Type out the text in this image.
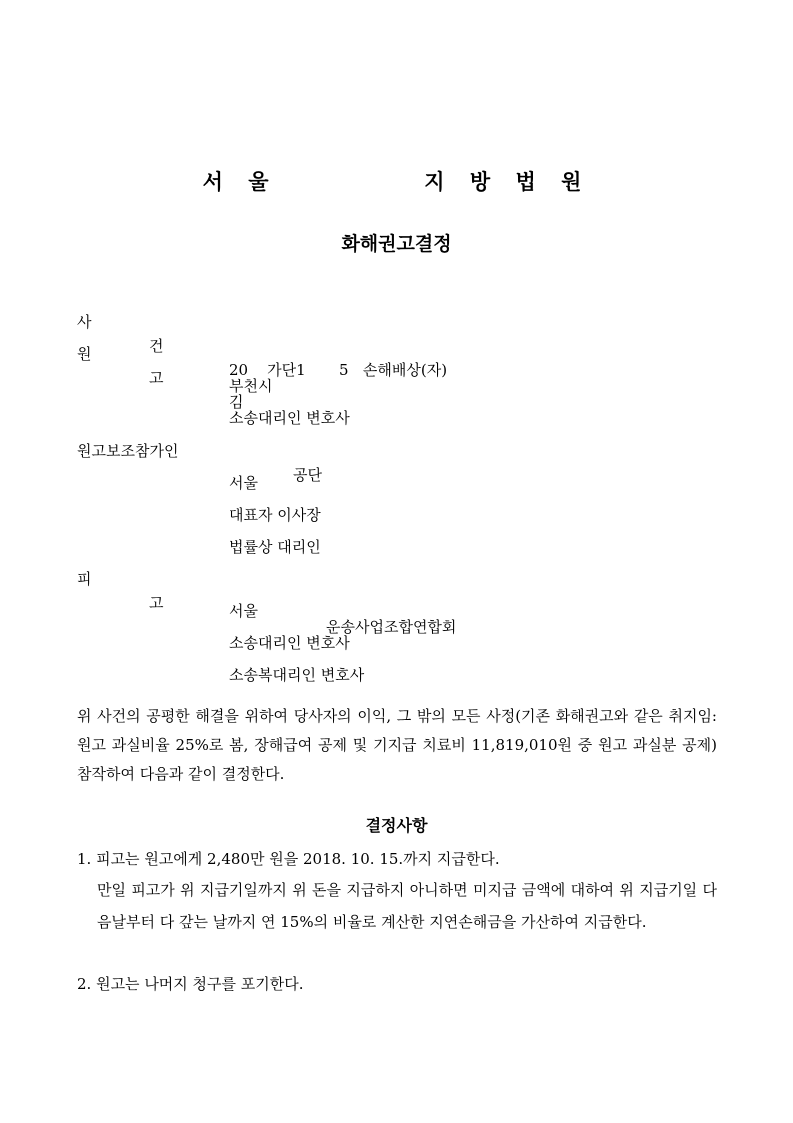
서 울         지 방 법 원
화해권고결정

사

건

20    가단1       5   손해배상(자)

원

고

김

부천시

소송대리인 변호사

원고보조참가인

공단

서울

대표자 이사장

법률상 대리인

피

고

운송사업조합연합회

서울

소송대리인 변호사

소송복대리인 변호사

위 사건의 공평한 해결을 위하여 당사자의 이익, 그 밖의 모든 사정(기존 화해권고와 같은 취지임: 원고 과실비율 25%로 봄, 장해급여 공제 및 기지급 치료비 11,819,010원 중 원고 과실분 공제) 참작하여 다음과 같이 결정한다.
결정사항
1. 피고는 원고에게 2,480만 원을 2018. 10. 15.까지 지급한다.
만일 피고가 위 지급기일까지 위 돈을 지급하지 아니하면 미지급 금액에 대하여 위 지급기일 다음날부터 다 갚는 날까지 연 15%의 비율로 계산한 지연손해금을 가산하여 지급한다.
2. 원고는 나머지 청구를 포기한다.
